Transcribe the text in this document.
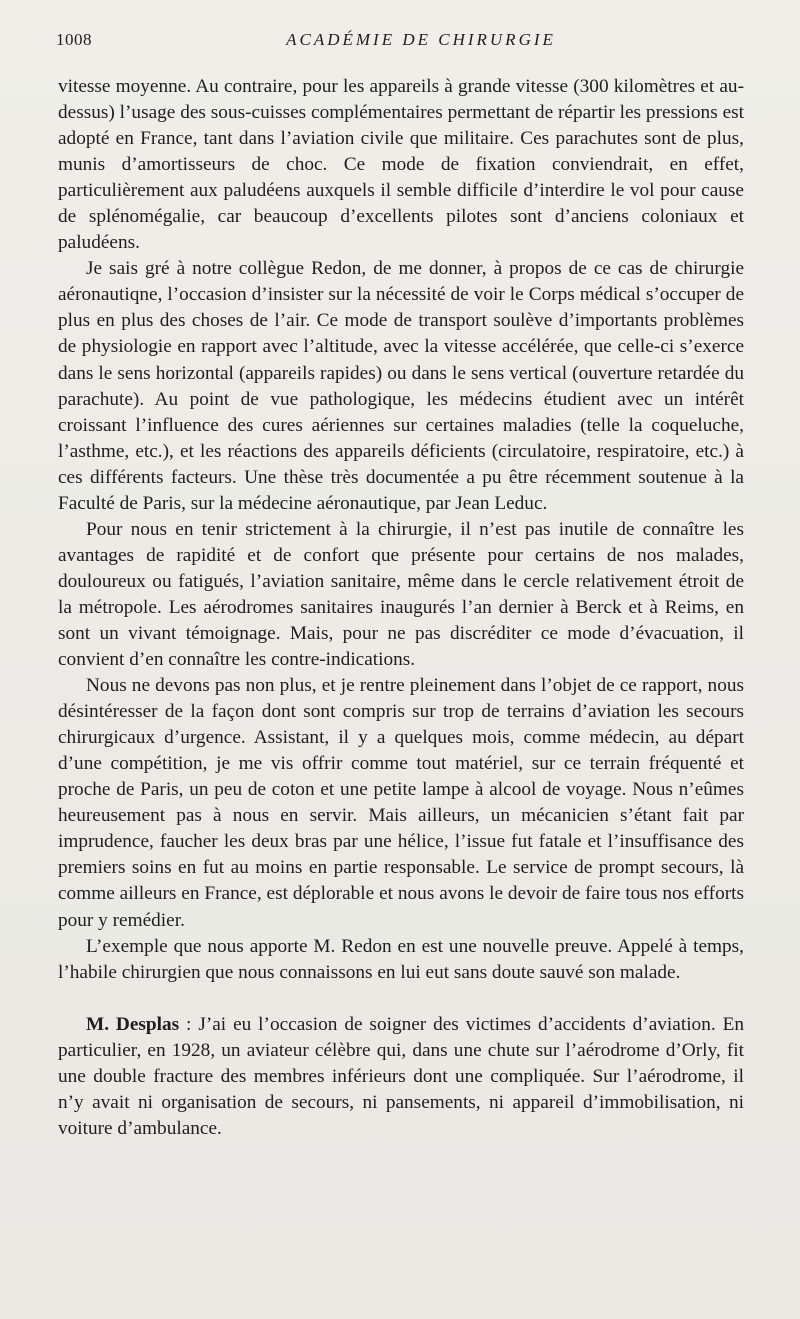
1008	ACADÉMIE DE CHIRURGIE

vitesse moyenne. Au contraire, pour les appareils à grande vitesse (300 kilomètres et au-dessus) l’usage des sous-cuisses complémentaires permettant de répartir les pressions est adopté en France, tant dans l’aviation civile que militaire. Ces parachutes sont de plus, munis d’amortisseurs de choc. Ce mode de fixation conviendrait, en effet, particulièrement aux paludéens auxquels il semble difficile d’interdire le vol pour cause de splénomégalie, car beaucoup d’excellents pilotes sont d’anciens coloniaux et paludéens.

Je sais gré à notre collègue Redon, de me donner, à propos de ce cas de chirurgie aéronautiqne, l’occasion d’insister sur la nécessité de voir le Corps médical s’occuper de plus en plus des choses de l’air. Ce mode de transport soulève d’importants problèmes de physiologie en rapport avec l’altitude, avec la vitesse accélérée, que celle-ci s’exerce dans le sens horizontal (appareils rapides) ou dans le sens vertical (ouverture retardée du parachute). Au point de vue pathologique, les médecins étudient avec un intérêt croissant l’influence des cures aériennes sur certaines maladies (telle la coqueluche, l’asthme, etc.), et les réactions des appareils déficients (circulatoire, respiratoire, etc.) à ces différents facteurs. Une thèse très documentée a pu être récemment soutenue à la Faculté de Paris, sur la médecine aéronautique, par Jean Leduc.

Pour nous en tenir strictement à la chirurgie, il n’est pas inutile de connaître les avantages de rapidité et de confort que présente pour certains de nos malades, douloureux ou fatigués, l’aviation sanitaire, même dans le cercle relativement étroit de la métropole. Les aérodromes sanitaires inaugurés l’an dernier à Berck et à Reims, en sont un vivant témoignage. Mais, pour ne pas discréditer ce mode d’évacuation, il convient d’en connaître les contre-indications.

Nous ne devons pas non plus, et je rentre pleinement dans l’objet de ce rapport, nous désintéresser de la façon dont sont compris sur trop de terrains d’aviation les secours chirurgicaux d’urgence. Assistant, il y a quelques mois, comme médecin, au départ d’une compétition, je me vis offrir comme tout matériel, sur ce terrain fréquenté et proche de Paris, un peu de coton et une petite lampe à alcool de voyage. Nous n’eûmes heureusement pas à nous en servir. Mais ailleurs, un mécanicien s’étant fait par imprudence, faucher les deux bras par une hélice, l’issue fut fatale et l’insuffisance des premiers soins en fut au moins en partie responsable. Le service de prompt secours, là comme ailleurs en France, est déplorable et nous avons le devoir de faire tous nos efforts pour y remédier.

L’exemple que nous apporte M. Redon en est une nouvelle preuve. Appelé à temps, l’habile chirurgien que nous connaissons en lui eut sans doute sauvé son malade.

M. Desplas : J’ai eu l’occasion de soigner des victimes d’accidents d’aviation. En particulier, en 1928, un aviateur célèbre qui, dans une chute sur l’aérodrome d’Orly, fit une double fracture des membres inférieurs dont une compliquée. Sur l’aérodrome, il n’y avait ni organisation de secours, ni pansements, ni appareil d’immobilisation, ni voiture d’ambulance.
